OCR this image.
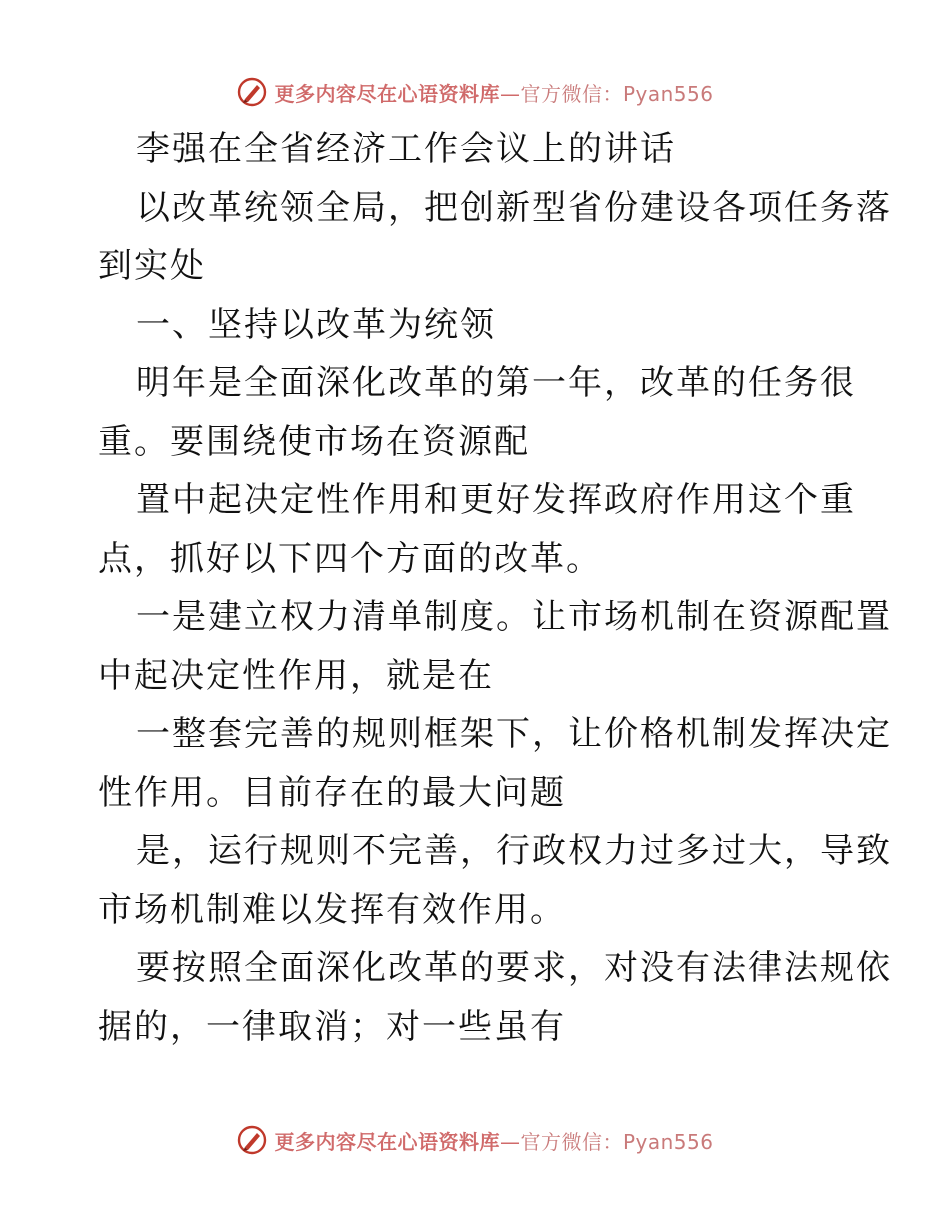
更多内容尽在心语资料库—官方微信：Pyan556
李强在全省经济工作会议上的讲话
以改革统领全局，把创新型省份建设各项任务落
到实处
一、坚持以改革为统领
明年是全面深化改革的第一年，改革的任务很
重。要围绕使市场在资源配
置中起决定性作用和更好发挥政府作用这个重
点，抓好以下四个方面的改革。
一是建立权力清单制度。让市场机制在资源配置
中起决定性作用，就是在
一整套完善的规则框架下，让价格机制发挥决定
性作用。目前存在的最大问题
是，运行规则不完善，行政权力过多过大，导致
市场机制难以发挥有效作用。
要按照全面深化改革的要求，对没有法律法规依
据的，一律取消；对一些虽有
更多内容尽在心语资料库—官方微信：Pyan556
